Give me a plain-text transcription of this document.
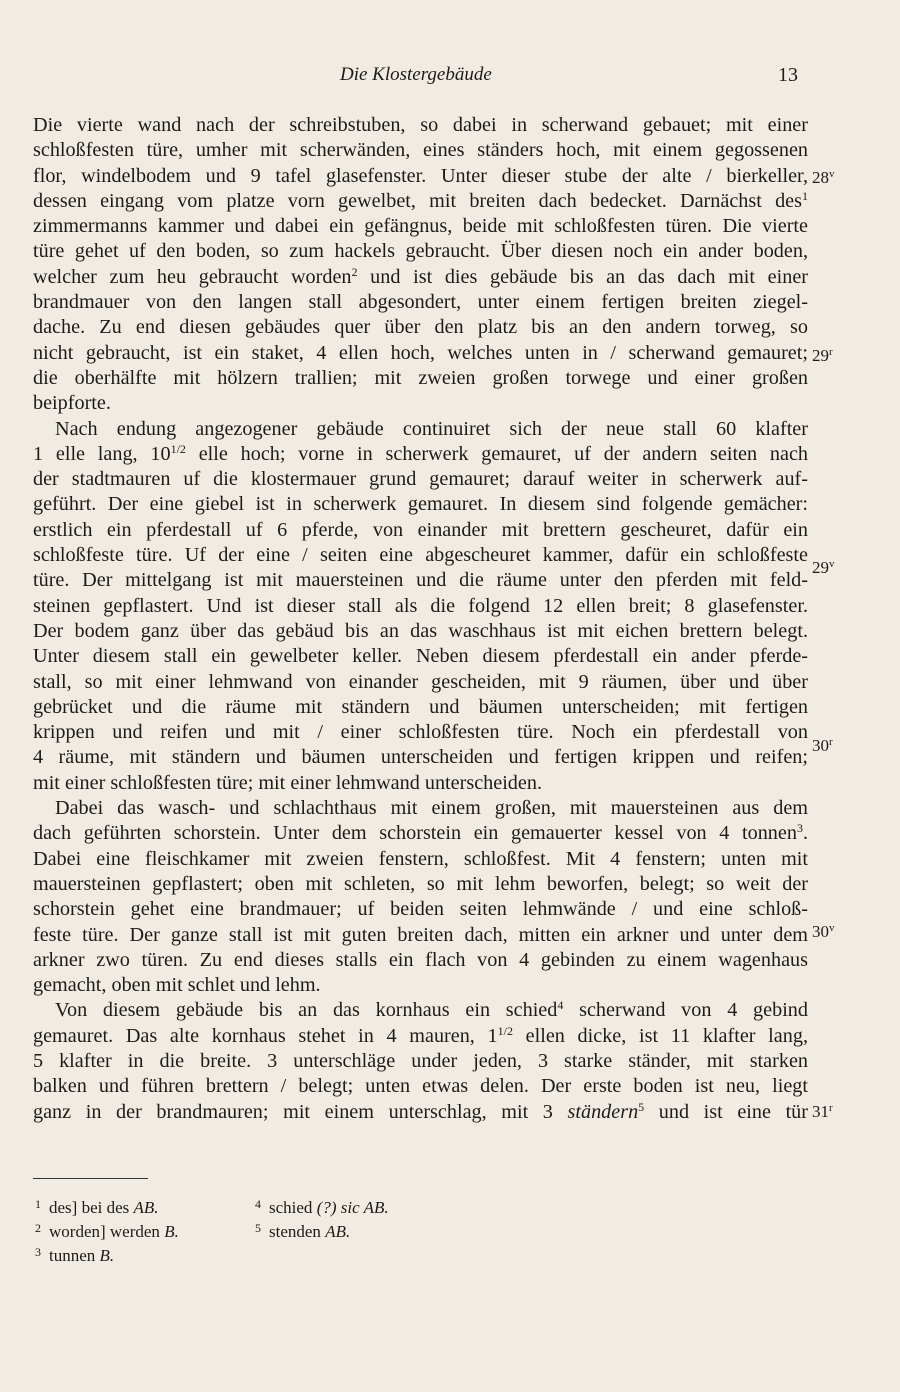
Die Klostergebäude	13
Die vierte wand nach der schreibstuben, so dabei in scherwand gebauet; mit einer
schloßfesten türe, umher mit scherwänden, eines ständers hoch, mit einem gegossenen
flor, windelbodem und 9 tafel glasefenster. Unter dieser stube der alte / bierkeller,
dessen eingang vom platze vorn gewelbet, mit breiten dach bedecket. Darnächst des$^1$
zimmermanns kammer und dabei ein gefängnus, beide mit schloßfesten türen. Die vierte
türe gehet uf den boden, so zum hackels gebraucht. Über diesen noch ein ander boden,
welcher zum heu gebraucht worden$^2$ und ist dies gebäude bis an das dach mit einer
brandmauer von den langen stall abgesondert, unter einem fertigen breiten ziegel-
dache. Zu end diesen gebäudes quer über den platz bis an den andern torweg, so
nicht gebraucht, ist ein staket, 4 ellen hoch, welches unten in / scherwand gemauret;
die oberhälfte mit hölzern trallien; mit zweien großen torwege und einer großen
beipforte.
Nach endung angezogener gebäude continuiret sich der neue stall 60 klafter
1 elle lang, $10^{1/2}$ elle hoch; vorne in scherwerk gemauret, uf der andern seiten nach
der stadtmauren uf die klostermauer grund gemauret; darauf weiter in scherwerk auf-
geführt. Der eine giebel ist in scherwerk gemauret. In diesem sind folgende gemächer:
erstlich ein pferdestall uf 6 pferde, von einander mit brettern gescheuret, dafür ein
schloßfeste türe. Uf der eine / seiten eine abgescheuret kammer, dafür ein schloßfeste
türe. Der mittelgang ist mit mauersteinen und die räume unter den pferden mit feld-
steinen gepflastert. Und ist dieser stall als die folgend 12 ellen breit; 8 glasefenster.
Der bodem ganz über das gebäud bis an das waschhaus ist mit eichen brettern belegt.
Unter diesem stall ein gewelbeter keller. Neben diesem pferdestall ein ander pferde-
stall, so mit einer lehmwand von einander gescheiden, mit 9 räumen, über und über
gebrücket und die räume mit ständern und bäumen unterscheiden; mit fertigen
krippen und reifen und mit / einer schloßfesten türe. Noch ein pferdestall von
4 räume, mit ständern und bäumen unterscheiden und fertigen krippen und reifen;
mit einer schloßfesten türe; mit einer lehmwand unterscheiden.
Dabei das wasch- und schlachthaus mit einem großen, mit mauersteinen aus dem
dach geführten schorstein. Unter dem schorstein ein gemauerter kessel von 4 tonnen$^3$.
Dabei eine fleischkamer mit zweien fenstern, schloßfest. Mit 4 fenstern; unten mit
mauersteinen gepflastert; oben mit schleten, so mit lehm beworfen, belegt; so weit der
schorstein gehet eine brandmauer; uf beiden seiten lehmwände / und eine schloß-
feste türe. Der ganze stall ist mit guten breiten dach, mitten ein arkner und unter dem
arkner zwo türen. Zu end dieses stalls ein flach von 4 gebinden zu einem wagenhaus
gemacht, oben mit schlet und lehm.
Von diesem gebäude bis an das kornhaus ein schied$^4$ scherwand von 4 gebind
gemauret. Das alte kornhaus stehet in 4 mauren, $1^{1/2}$ ellen dicke, ist 11 klafter lang,
5 klafter in die breite. 3 unterschläge under jeden, 3 starke ständer, mit starken
balken und führen brettern / belegt; unten etwas delen. Der erste boden ist neu, liegt
ganz in der brandmauren; mit einem unterschlag, mit 3 ständern$^5$ und ist eine tür
28$^v$
29$^r$
29$^v$
30$^r$
30$^v$
31$^r$
$^1$ des] bei des AB.
$^2$ worden] werden B.
$^3$ tunnen B.
$^4$ schied (?) sic AB.
$^5$ stenden AB.
